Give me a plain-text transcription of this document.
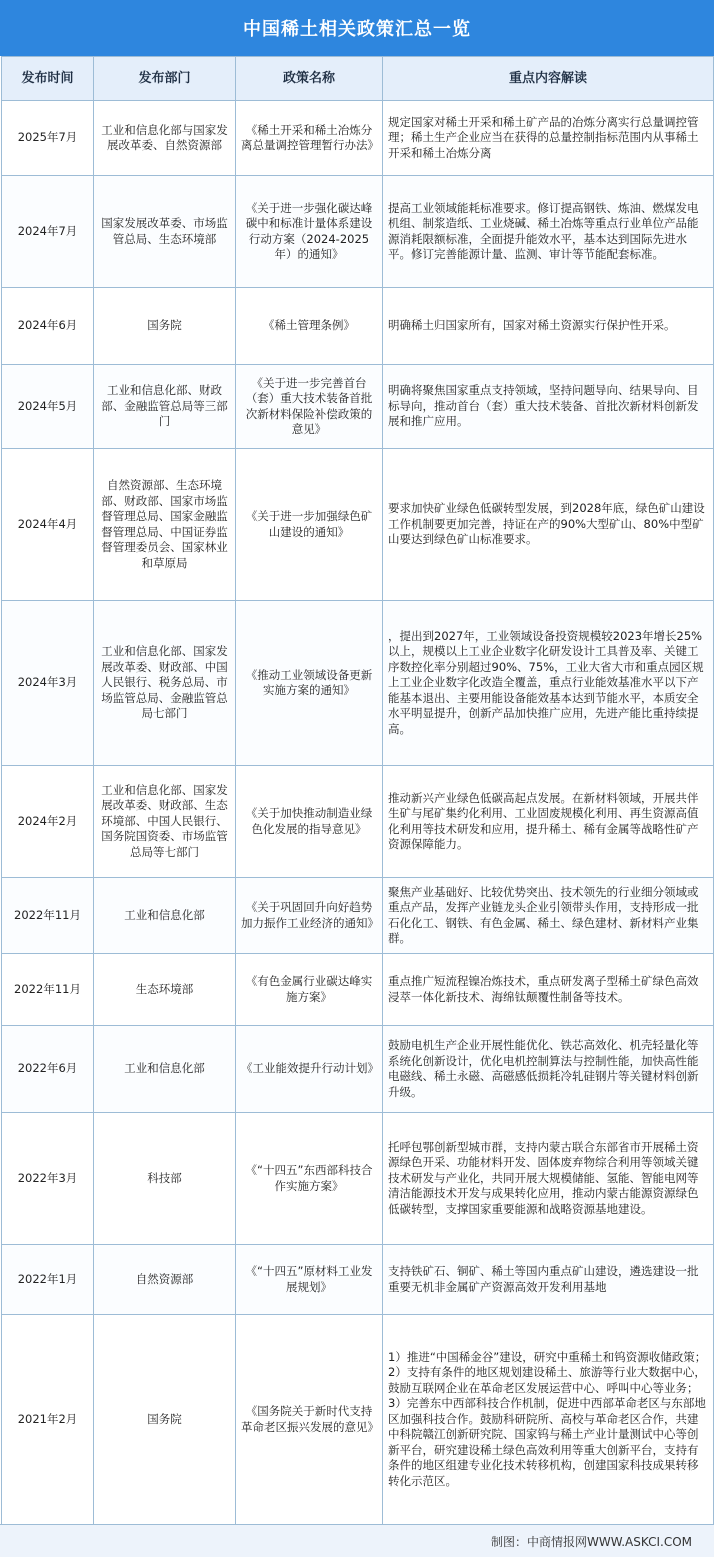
中国稀土相关政策汇总一览
发布时间	发布部门	政策名称	重点内容解读
2025年7月	工业和信息化部与国家发展改革委、自然资源部	《稀土开采和稀土冶炼分离总量调控管理暂行办法》	规定国家对稀土开采和稀土矿产品的冶炼分离实行总量调控管理；稀土生产企业应当在获得的总量控制指标范围内从事稀土开采和稀土冶炼分离
2024年7月	国家发展改革委、市场监管总局、生态环境部	《关于进一步强化碳达峰碳中和标准计量体系建设行动方案（2024-2025年）的通知》	提高工业领域能耗标准要求。修订提高钢铁、炼油、燃煤发电机组、制浆造纸、工业烧碱、稀土冶炼等重点行业单位产品能源消耗限额标准，全面提升能效水平，基本达到国际先进水平。修订完善能源计量、监测、审计等节能配套标准。
2024年6月	国务院	《稀土管理条例》	明确稀土归国家所有，国家对稀土资源实行保护性开采。
2024年5月	工业和信息化部、财政部、金融监管总局等三部门	《关于进一步完善首台（套）重大技术装备首批次新材料保险补偿政策的意见》	明确将聚焦国家重点支持领域，坚持问题导向、结果导向、目标导向，推动首台（套）重大技术装备、首批次新材料创新发展和推广应用。
2024年4月	自然资源部、生态环境部、财政部、国家市场监督管理总局、国家金融监督管理总局、中国证券监督管理委员会、国家林业和草原局	《关于进一步加强绿色矿山建设的通知》	要求加快矿业绿色低碳转型发展，到2028年底，绿色矿山建设工作机制要更加完善，持证在产的90%大型矿山、80%中型矿山要达到绿色矿山标准要求。
2024年3月	工业和信息化部、国家发展改革委、财政部、中国人民银行、税务总局、市场监管总局、金融监管总局七部门	《推动工业领域设备更新实施方案的通知》	，提出到2027年，工业领域设备投资规模较2023年增长25%以上，规模以上工业企业数字化研发设计工具普及率、关键工序数控化率分别超过90%、75%，工业大省大市和重点园区规上工业企业数字化改造全覆盖，重点行业能效基准水平以下产能基本退出、主要用能设备能效基本达到节能水平，本质安全水平明显提升，创新产品加快推广应用，先进产能比重持续提高。
2024年2月	工业和信息化部、国家发展改革委、财政部、生态环境部、中国人民银行、国务院国资委、市场监管总局等七部门	《关于加快推动制造业绿色化发展的指导意见》	推动新兴产业绿色低碳高起点发展。在新材料领域，开展共伴生矿与尾矿集约化利用、工业固废规模化利用、再生资源高值化利用等技术研发和应用，提升稀土、稀有金属等战略性矿产资源保障能力。
2022年11月	工业和信息化部	《关于巩固回升向好趋势加力振作工业经济的通知》	聚焦产业基础好、比较优势突出、技术领先的行业细分领域或重点产品，发挥产业链龙头企业引领带头作用，支持形成一批石化化工、钢铁、有色金属、稀土、绿色建材、新材料产业集群。
2022年11月	生态环境部	《有色金属行业碳达峰实施方案》	重点推广短流程镍冶炼技术，重点研发离子型稀土矿绿色高效浸萃一体化新技术、海绵钛颠覆性制备等技术。
2022年6月	工业和信息化部	《工业能效提升行动计划》	鼓励电机生产企业开展性能优化、铁芯高效化、机壳轻量化等系统化创新设计，优化电机控制算法与控制性能，加快高性能电磁线、稀土永磁、高磁感低损耗冷轧硅钢片等关键材料创新升级。
2022年3月	科技部	《“十四五”东西部科技合作实施方案》	托呼包鄂创新型城市群，支持内蒙古联合东部省市开展稀土资源绿色开采、功能材料开发、固体废弃物综合利用等领域关键技术研发与产业化，共同开展大规模储能、氢能、智能电网等清洁能源技术开发与成果转化应用，推动内蒙古能源资源绿色低碳转型，支撑国家重要能源和战略资源基地建设。
2022年1月	自然资源部	《“十四五”原材料工业发展规划》	支持铁矿石、铜矿、稀土等国内重点矿山建设，遴选建设一批重要无机非金属矿产资源高效开发利用基地
2021年2月	国务院	《国务院关于新时代支持革命老区振兴发展的意见》	1）推进“中国稀金谷”建设，研究中重稀土和钨资源收储政策；2）支持有条件的地区规划建设稀土、旅游等行业大数据中心，鼓励互联网企业在革命老区发展运营中心、呼叫中心等业务；3）完善东中西部科技合作机制，促进中西部革命老区与东部地区加强科技合作。鼓励科研院所、高校与革命老区合作，共建中科院赣江创新研究院、国家钨与稀土产业计量测试中心等创新平台，研究建设稀土绿色高效利用等重大创新平台，支持有条件的地区组建专业化技术转移机构，创建国家科技成果转移转化示范区。
制图：中商情报网WWW.ASKCI.COM
